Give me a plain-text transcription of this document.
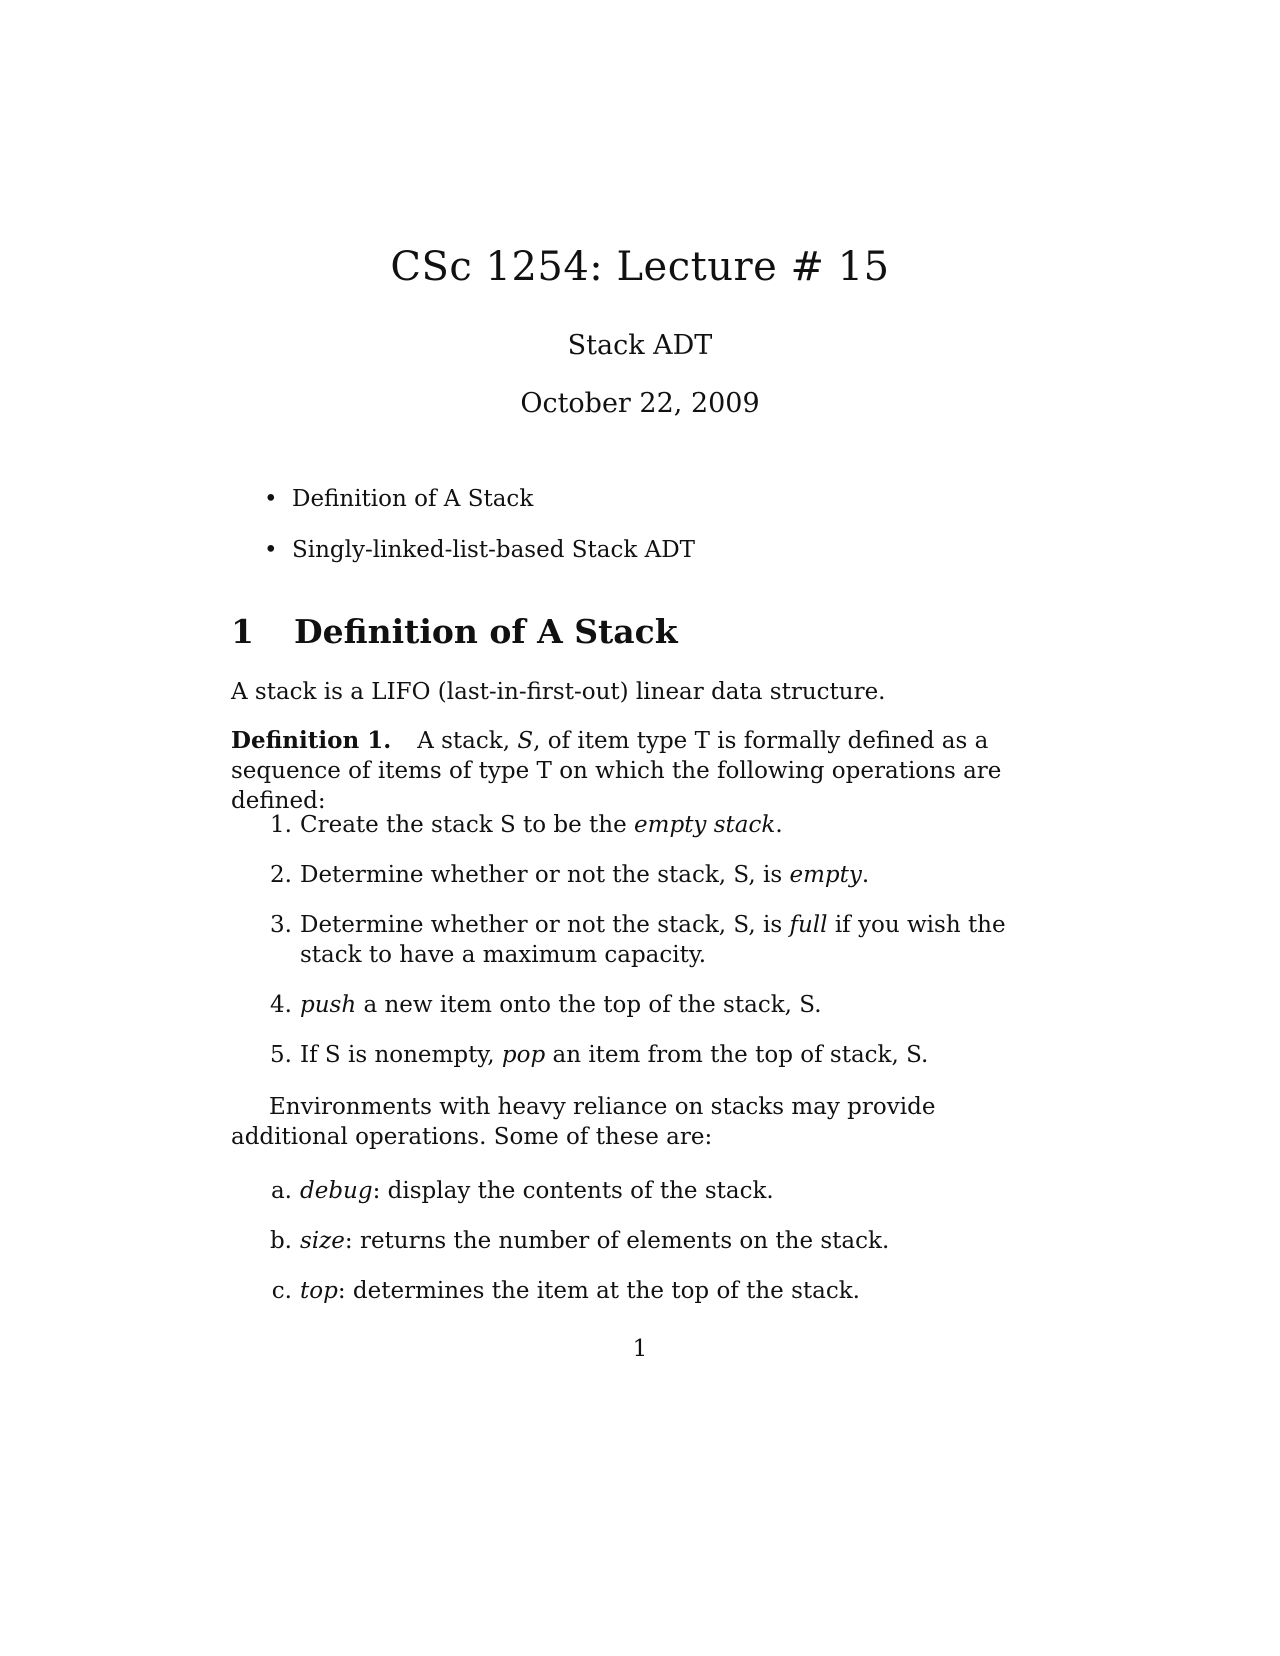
CSc 1254: Lecture # 15
Stack ADT
October 22, 2009
• Definition of A Stack
• Singly-linked-list-based Stack ADT
1 Definition of A Stack
A stack is a LIFO (last-in-first-out) linear data structure.
Definition 1. A stack, S, of item type T is formally defined as a sequence of items of type T on which the following operations are defined:
1. Create the stack S to be the empty stack.
2. Determine whether or not the stack, S, is empty.
3. Determine whether or not the stack, S, is full if you wish the stack to have a maximum capacity.
4. push a new item onto the top of the stack, S.
5. If S is nonempty, pop an item from the top of stack, S.
Environments with heavy reliance on stacks may provide additional operations. Some of these are:
a. debug: display the contents of the stack.
b. size: returns the number of elements on the stack.
c. top: determines the item at the top of the stack.
1
